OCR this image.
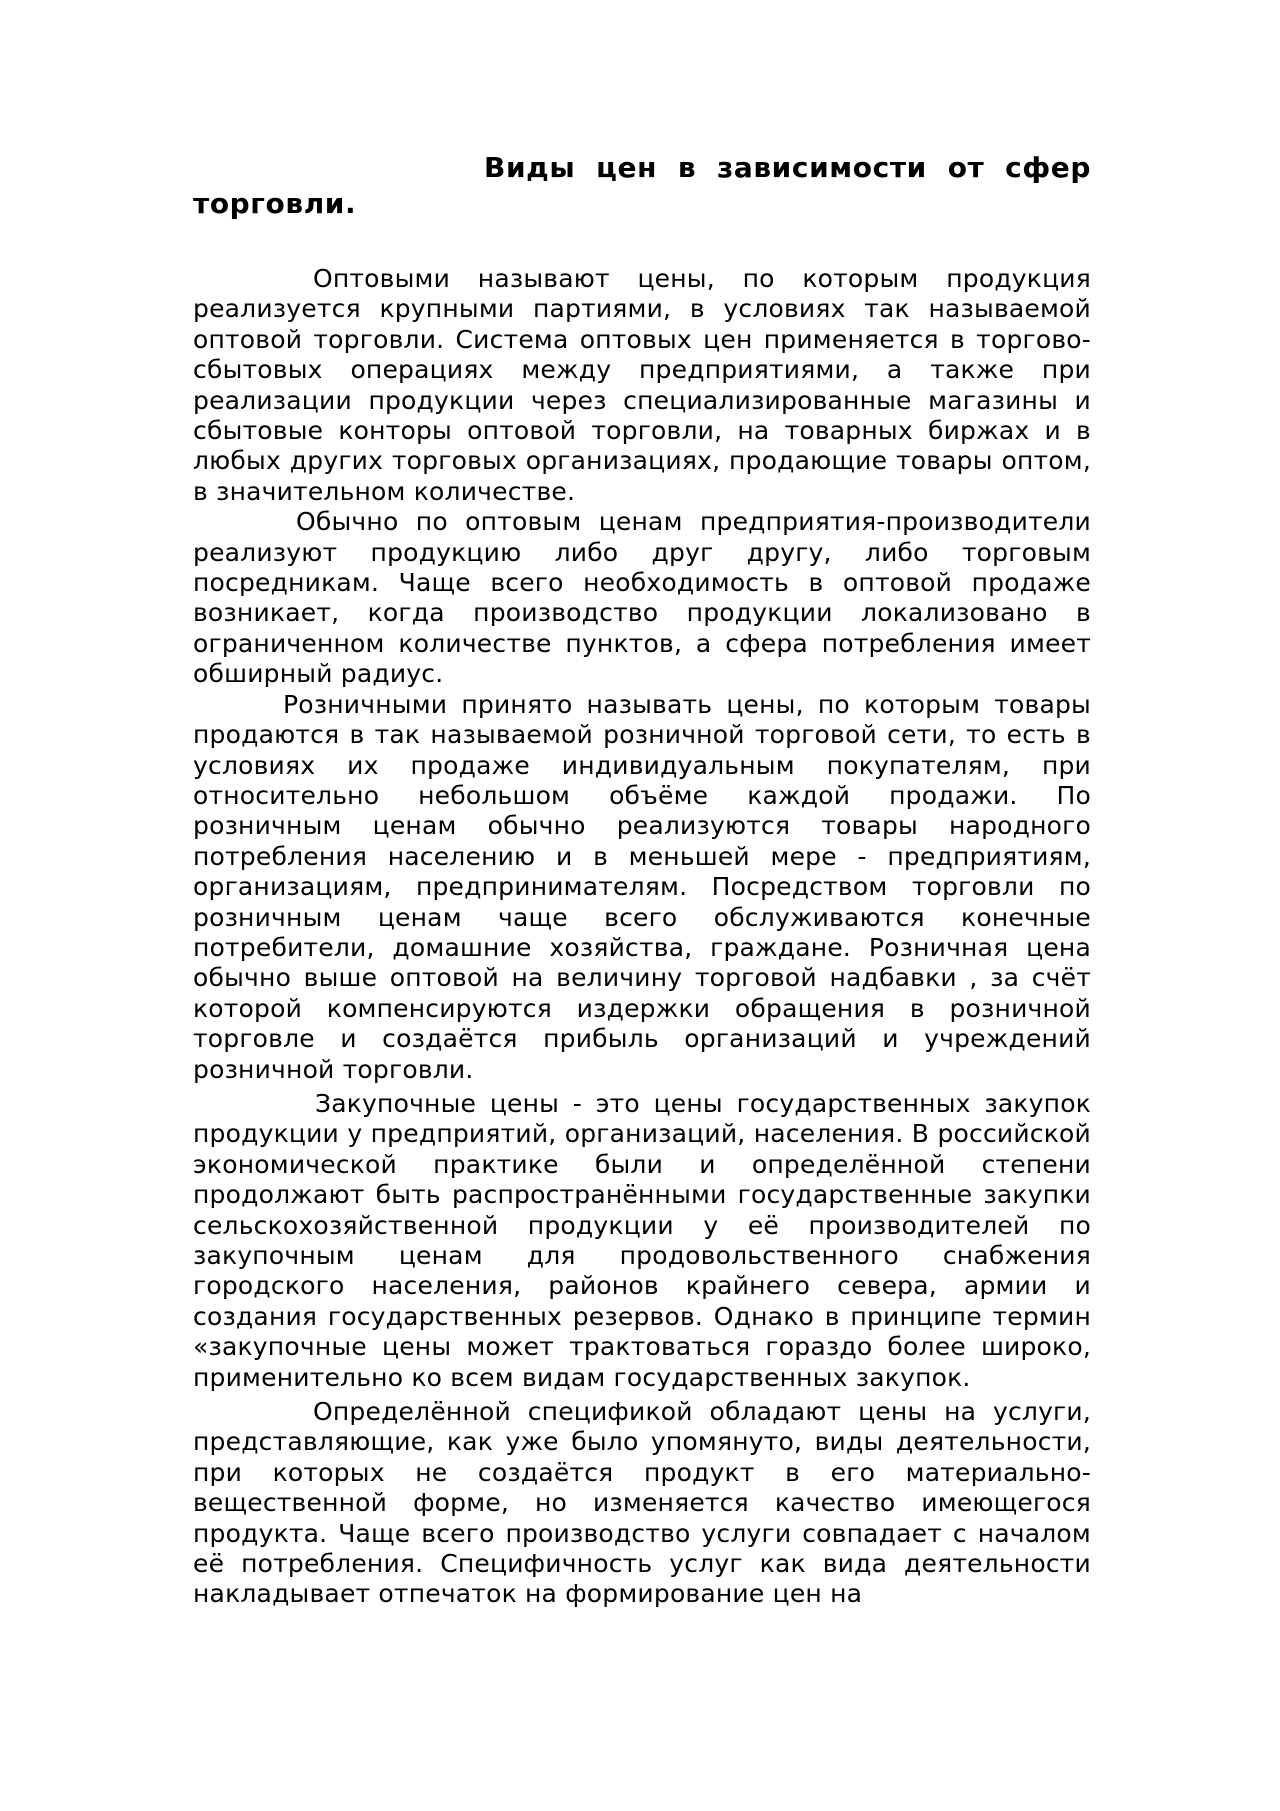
Виды цен в зависимости от сфер торговли.

Оптовыми называют цены, по которым продукция реализуется крупными партиями, в условиях так называемой оптовой торговли. Система оптовых цен применяется в торгово-сбытовых операциях между предприятиями, а также при реализации продукции через специализированные магазины и сбытовые конторы оптовой торговли, на товарных биржах и в любых других торговых организациях, продающие товары оптом, в значительном количестве.

Обычно по оптовым ценам предприятия-производители реализуют продукцию либо друг другу, либо торговым посредникам. Чаще всего необходимость в оптовой продаже возникает, когда производство продукции локализовано в ограниченном количестве пунктов, а сфера потребления имеет обширный радиус.

Розничными принято называть цены, по которым товары продаются в так называемой розничной торговой сети, то есть в условиях их продаже индивидуальным покупателям, при относительно небольшом объёме каждой продажи. По розничным ценам обычно реализуются товары народного потребления населению и в меньшей мере - предприятиям, организациям, предпринимателям. Посредством торговли по розничным ценам чаще всего обслуживаются конечные потребители, домашние хозяйства, граждане. Розничная цена обычно выше оптовой на величину торговой надбавки , за счёт которой компенсируются издержки обращения в розничной торговле и создаётся прибыль организаций и учреждений розничной торговли.

Закупочные цены - это цены государственных закупок продукции у предприятий, организаций, населения. В российской экономической практике были и определённой степени продолжают быть распространёнными государственные закупки сельскохозяйственной продукции у её производителей по закупочным ценам для продовольственного снабжения городского населения, районов крайнего севера, армии и создания государственных резервов. Однако в принципе термин «закупочные цены может трактоваться гораздо более широко, применительно ко всем видам государственных закупок.

Определённой спецификой обладают цены на услуги, представляющие, как уже было упомянуто, виды деятельности, при которых не создаётся продукт в его материально-вещественной форме, но изменяется качество имеющегося продукта. Чаще всего производство услуги совпадает с началом её потребления. Специфичность услуг как вида деятельности накладывает отпечаток на формирование цен на
